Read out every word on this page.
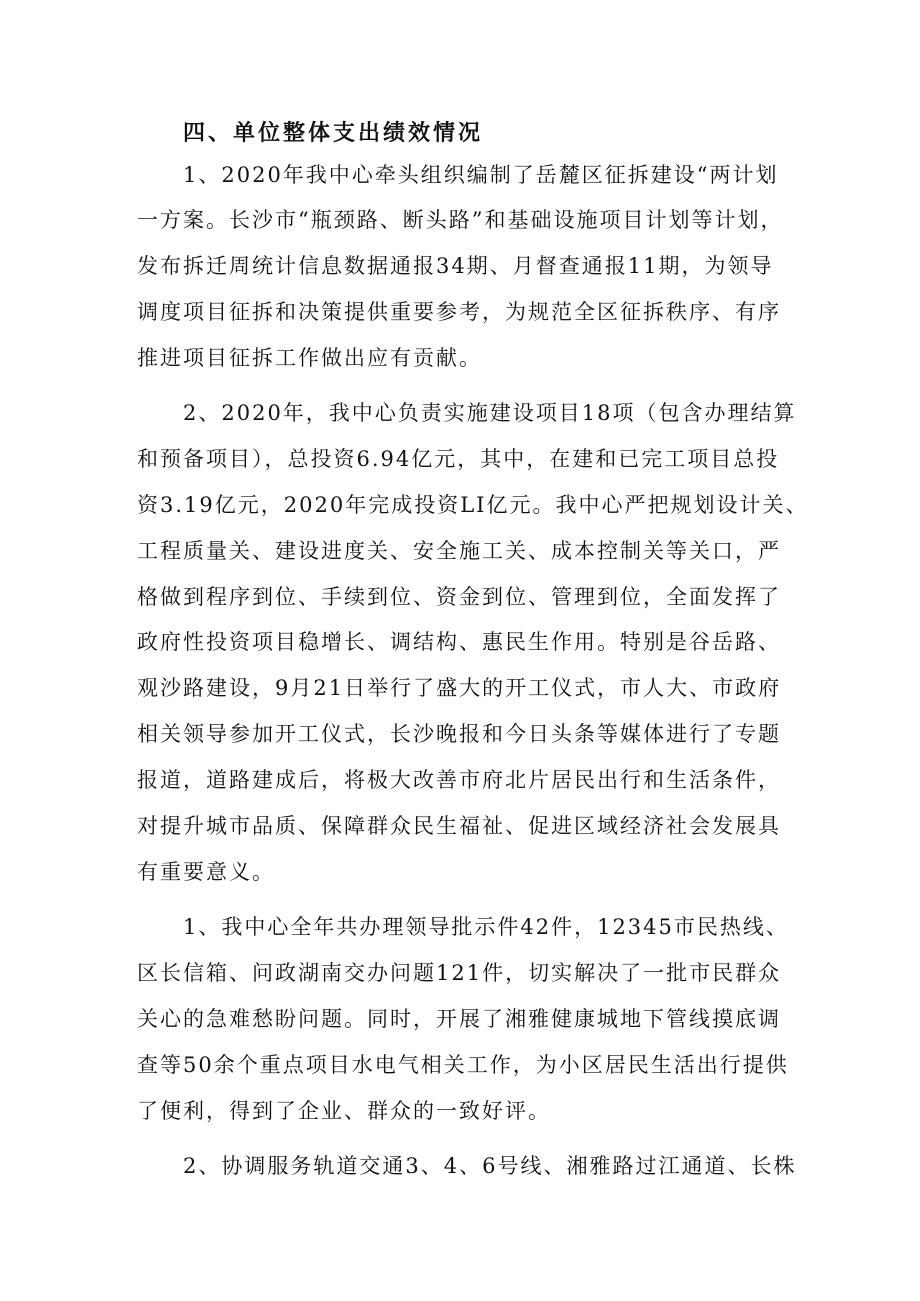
四、单位整体支出绩效情况
1、2020年我中心牵头组织编制了岳麓区征拆建设“两计划
一方案。长沙市“瓶颈路、断头路”和基础设施项目计划等计划，
发布拆迁周统计信息数据通报34期、月督查通报11期，为领导
调度项目征拆和决策提供重要参考，为规范全区征拆秩序、有序
推进项目征拆工作做出应有贡献。
2、2020年，我中心负责实施建设项目18项（包含办理结算
和预备项目），总投资6.94亿元，其中，在建和已完工项目总投
资3.19亿元，2020年完成投资LI亿元。我中心严把规划设计关、
工程质量关、建设进度关、安全施工关、成本控制关等关口，严
格做到程序到位、手续到位、资金到位、管理到位，全面发挥了
政府性投资项目稳增长、调结构、惠民生作用。特别是谷岳路、
观沙路建设，9月21日举行了盛大的开工仪式，市人大、市政府
相关领导参加开工仪式，长沙晚报和今日头条等媒体进行了专题
报道，道路建成后，将极大改善市府北片居民出行和生活条件，
对提升城市品质、保障群众民生福祉、促进区域经济社会发展具
有重要意义。
1、我中心全年共办理领导批示件42件，12345市民热线、
区长信箱、问政湖南交办问题121件，切实解决了一批市民群众
关心的急难愁盼问题。同时，开展了湘雅健康城地下管线摸底调
查等50余个重点项目水电气相关工作，为小区居民生活出行提供
了便利，得到了企业、群众的一致好评。
2、协调服务轨道交通3、4、6号线、湘雅路过江通道、长株
